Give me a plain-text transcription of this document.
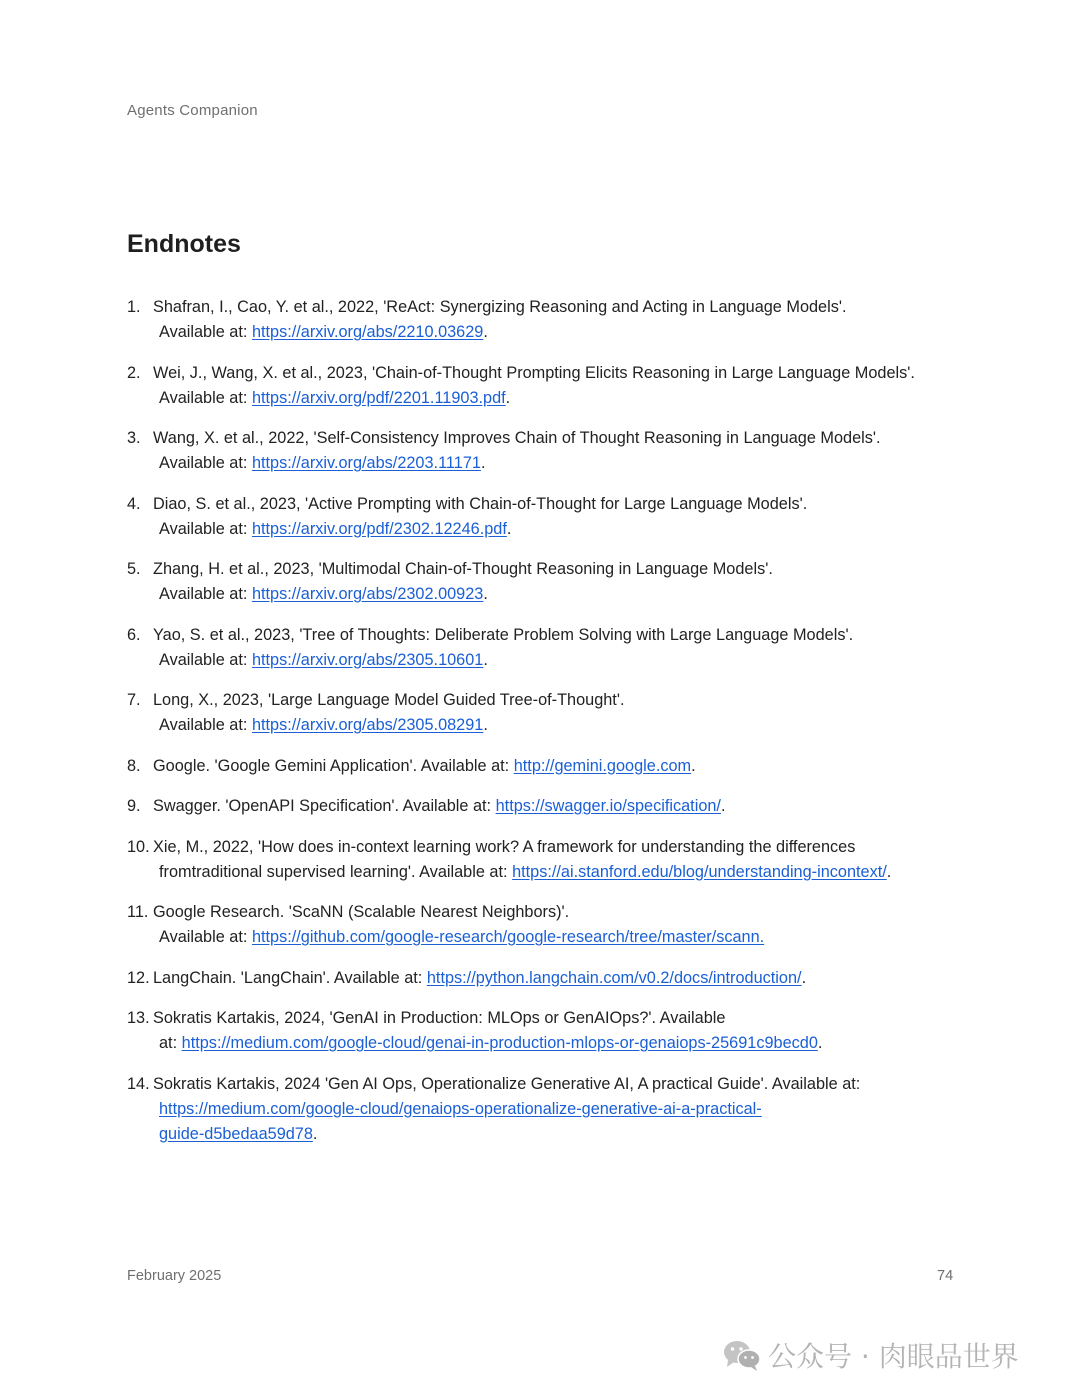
Agents Companion
Endnotes
1. Shafran, I., Cao, Y. et al., 2022, 'ReAct: Synergizing Reasoning and Acting in Language Models'.
Available at: https://arxiv.org/abs/2210.03629.
2. Wei, J., Wang, X. et al., 2023, 'Chain-of-Thought Prompting Elicits Reasoning in Large Language Models'.
Available at: https://arxiv.org/pdf/2201.11903.pdf.
3. Wang, X. et al., 2022, 'Self-Consistency Improves Chain of Thought Reasoning in Language Models'.
Available at: https://arxiv.org/abs/2203.11171.
4. Diao, S. et al., 2023, 'Active Prompting with Chain-of-Thought for Large Language Models'.
Available at: https://arxiv.org/pdf/2302.12246.pdf.
5. Zhang, H. et al., 2023, 'Multimodal Chain-of-Thought Reasoning in Language Models'.
Available at: https://arxiv.org/abs/2302.00923.
6. Yao, S. et al., 2023, 'Tree of Thoughts: Deliberate Problem Solving with Large Language Models'.
Available at: https://arxiv.org/abs/2305.10601.
7. Long, X., 2023, 'Large Language Model Guided Tree-of-Thought'.
Available at: https://arxiv.org/abs/2305.08291.
8. Google. 'Google Gemini Application'. Available at: http://gemini.google.com.
9. Swagger. 'OpenAPI Specification'. Available at: https://swagger.io/specification/.
10. Xie, M., 2022, 'How does in-context learning work? A framework for understanding the differences
fromtraditional supervised learning'. Available at: https://ai.stanford.edu/blog/understanding-incontext/.
11. Google Research. 'ScaNN (Scalable Nearest Neighbors)'.
Available at: https://github.com/google-research/google-research/tree/master/scann.
12. LangChain. 'LangChain'. Available at: https://python.langchain.com/v0.2/docs/introduction/.
13. Sokratis Kartakis, 2024, 'GenAI in Production: MLOps or GenAIOps?'. Available
at: https://medium.com/google-cloud/genai-in-production-mlops-or-genaiops-25691c9becd0.
14. Sokratis Kartakis, 2024 'Gen AI Ops, Operationalize Generative AI, A practical Guide'. Available at:
https://medium.com/google-cloud/genaiops-operationalize-generative-ai-a-practical-
guide-d5bedaa59d78.
February 2025	74
公众号 · 肉眼品世界
